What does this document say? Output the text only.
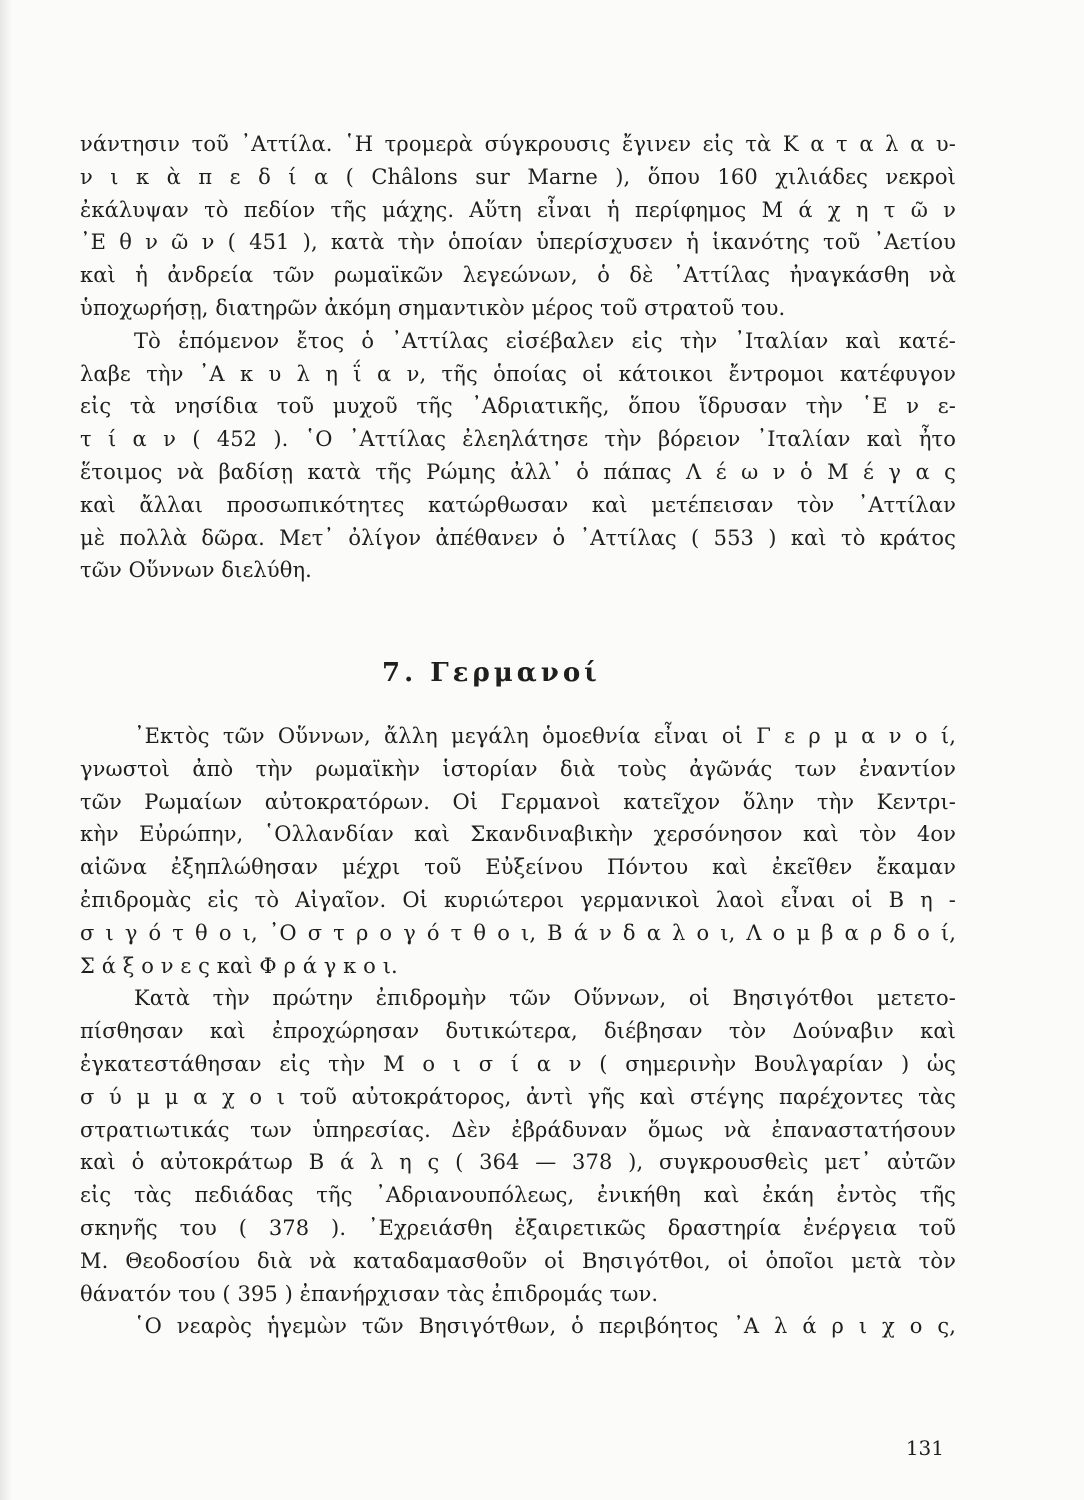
νάντησιν τοῦ ᾽Αττίλα. ῾Η τρομερὰ σύγκρουσις ἔγινεν εἰς τὰ Κ α τ α λ α υ-
ν ι κ ὰ π ε δ ί α ( Châlons sur Marne ), ὅπου 160 χιλιάδες νεκροὶ
ἐκάλυψαν τὸ πεδίον τῆς μάχης. Αὕτη εἶναι ἡ περίφημος Μ ά χ η τ ῶ ν
᾽Ε θ ν ῶ ν ( 451 ), κατὰ τὴν ὁποίαν ὑπερίσχυσεν ἡ ἱκανότης τοῦ ᾽Αετίου
καὶ ἡ ἀνδρεία τῶν ρωμαϊκῶν λεγεώνων, ὁ δὲ ᾽Αττίλας ἠναγκάσθη νὰ
ὑποχωρήσῃ, διατηρῶν ἀκόμη σημαντικὸν μέρος τοῦ στρατοῦ του.
Τὸ ἑπόμενον ἔτος ὁ ᾽Αττίλας εἰσέβαλεν εἰς τὴν ᾽Ιταλίαν καὶ κατέ-
λαβε τὴν ᾽Α κ υ λ η ΐ α ν, τῆς ὁποίας οἱ κάτοικοι ἔντρομοι κατέφυγον
εἰς τὰ νησίδια τοῦ μυχοῦ τῆς ᾽Αδριατικῆς, ὅπου ἵδρυσαν τὴν ῾Ε ν ε-
τ ί α ν ( 452 ). ῾Ο ᾽Αττίλας ἐλεηλάτησε τὴν βόρειον ᾽Ιταλίαν καὶ ἦτο
ἕτοιμος νὰ βαδίσῃ κατὰ τῆς Ρώμης ἀλλ᾽ ὁ πάπας Λ έ ω ν ὁ Μ έ γ α ς
καὶ ἄλλαι προσωπικότητες κατώρθωσαν καὶ μετέπεισαν τὸν ᾽Αττίλαν
μὲ πολλὰ δῶρα. Μετ᾽ ὀλίγον ἀπέθανεν ὁ ᾽Αττίλας ( 553 ) καὶ τὸ κράτος
τῶν Οὕννων διελύθη.
7. Γερμανοί
᾽Εκτὸς τῶν Οὕννων, ἄλλη μεγάλη ὁμοεθνία εἶναι οἱ Γ ε ρ μ α ν ο ί,
γνωστοὶ ἀπὸ τὴν ρωμαϊκὴν ἱστορίαν διὰ τοὺς ἀγῶνάς των ἐναντίον
τῶν Ρωμαίων αὐτοκρατόρων. Οἱ Γερμανοὶ κατεῖχον ὅλην τὴν Κεντρι-
κὴν Εὐρώπην, ῾Ολλανδίαν καὶ Σκανδιναβικὴν χερσόνησον καὶ τὸν 4ον
αἰῶνα ἐξηπλώθησαν μέχρι τοῦ Εὐξείνου Πόντου καὶ ἐκεῖθεν ἔκαμαν
ἐπιδρομὰς εἰς τὸ Αἰγαῖον. Οἱ κυριώτεροι γερμανικοὶ λαοὶ εἶναι οἱ Β η -
σ ι γ ό τ θ ο ι, ᾽Ο σ τ ρ ο γ ό τ θ ο ι, Β ά ν δ α λ ο ι, Λ ο μ β α ρ δ ο ί,
Σ ά ξ ο ν ε ς καὶ Φ ρ ά γ κ ο ι.
Κατὰ τὴν πρώτην ἐπιδρομὴν τῶν Οὕννων, οἱ Βησιγότθοι μετετο-
πίσθησαν καὶ ἐπροχώρησαν δυτικώτερα, διέβησαν τὸν Δούναβιν καὶ
ἐγκατεστάθησαν εἰς τὴν Μ ο ι σ ί α ν ( σημερινὴν Βουλγαρίαν ) ὡς
σ ύ μ μ α χ ο ι τοῦ αὐτοκράτορος, ἀντὶ γῆς καὶ στέγης παρέχοντες τὰς
στρατιωτικάς των ὑπηρεσίας. Δὲν ἐβράδυναν ὅμως νὰ ἐπαναστατήσουν
καὶ ὁ αὐτοκράτωρ Β ά λ η ς ( 364 — 378 ), συγκρουσθεὶς μετ᾽ αὐτῶν
εἰς τὰς πεδιάδας τῆς ᾽Αδριανουπόλεως, ἐνικήθη καὶ ἐκάη ἐντὸς τῆς
σκηνῆς του ( 378 ). ᾽Εχρειάσθη ἐξαιρετικῶς δραστηρία ἐνέργεια τοῦ
Μ. Θεοδοσίου διὰ νὰ καταδαμασθοῦν οἱ Βησιγότθοι, οἱ ὁποῖοι μετὰ τὸν
θάνατόν του ( 395 ) ἐπανήρχισαν τὰς ἐπιδρομάς των.
῾Ο νεαρὸς ἡγεμὼν τῶν Βησιγότθων, ὁ περιβόητος ᾽Α λ ά ρ ι χ ο ς,
131
